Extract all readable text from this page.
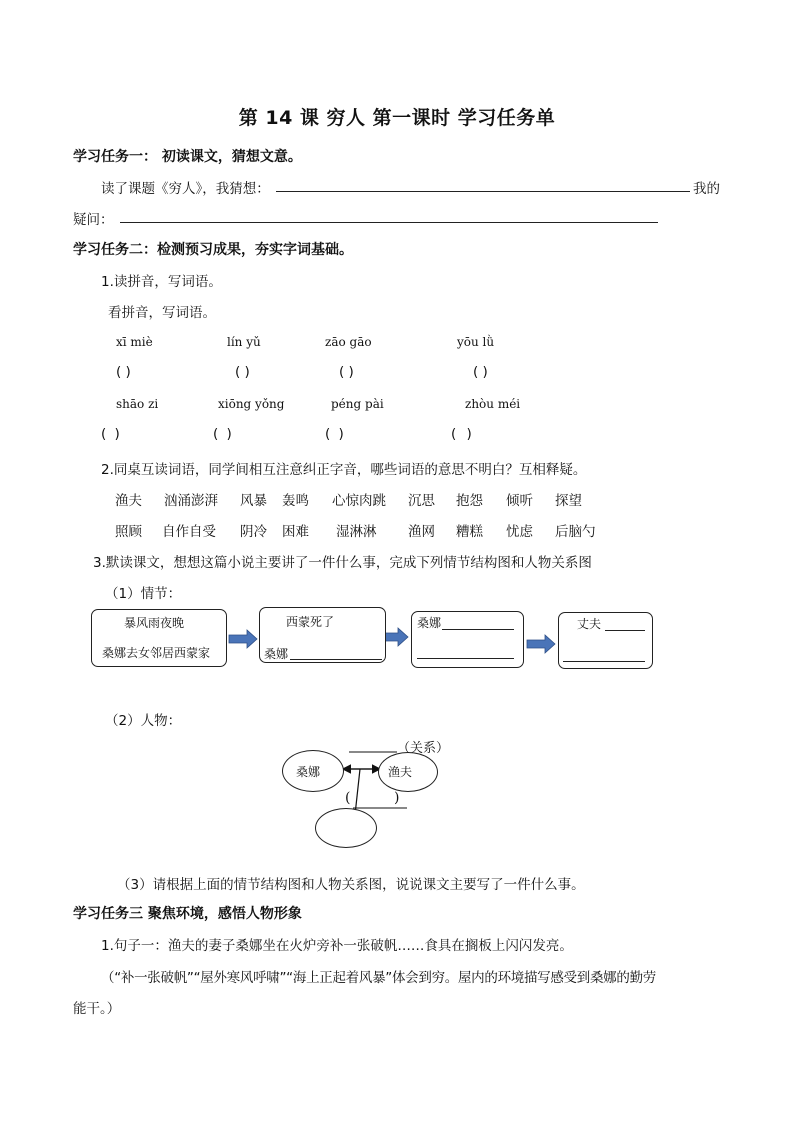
第 14 课 穷人 第一课时 学习任务单
学习任务一： 初读课文，猜想文意。
读了课题《穷人》，我猜想：	我的
疑问：
学习任务二：检测预习成果，夯实字词基础。
1.读拼音，写词语。
看拼音，写词语。
xī miè	lín yǔ	zāo gāo	yōu lǜ
( )	( )	( )	( )
shāo zi	xiōng yǒng	péng pài	zhòu méi
( )	( )	( )	( )
2.同桌互读词语，同学间相互注意纠正字音，哪些词语的意思不明白？互相释疑。
渔夫 汹涌澎湃 风暴 轰鸣 心惊肉跳 沉思 抱怨 倾听 探望
照顾 自作自受 阴冷 困难 湿淋淋 渔网 糟糕 忧虑 后脑勺
3.默读课文，想想这篇小说主要讲了一件什么事，完成下列情节结构图和人物关系图
（1）情节：
暴风雨夜晚
桑娜去女邻居西蒙家
西蒙死了
桑娜
桑娜	丈夫
（2）人物：
桑娜	渔夫
（关系）
(	)
（3）请根据上面的情节结构图和人物关系图，说说课文主要写了一件什么事。
学习任务三 聚焦环境，感悟人物形象
1.句子一：渔夫的妻子桑娜坐在火炉旁补一张破帆……食具在搁板上闪闪发亮。
（“补一张破帆”“屋外寒风呼啸”“海上正起着风暴”体会到穷。屋内的环境描写感受到桑娜的勤劳
能干。）
